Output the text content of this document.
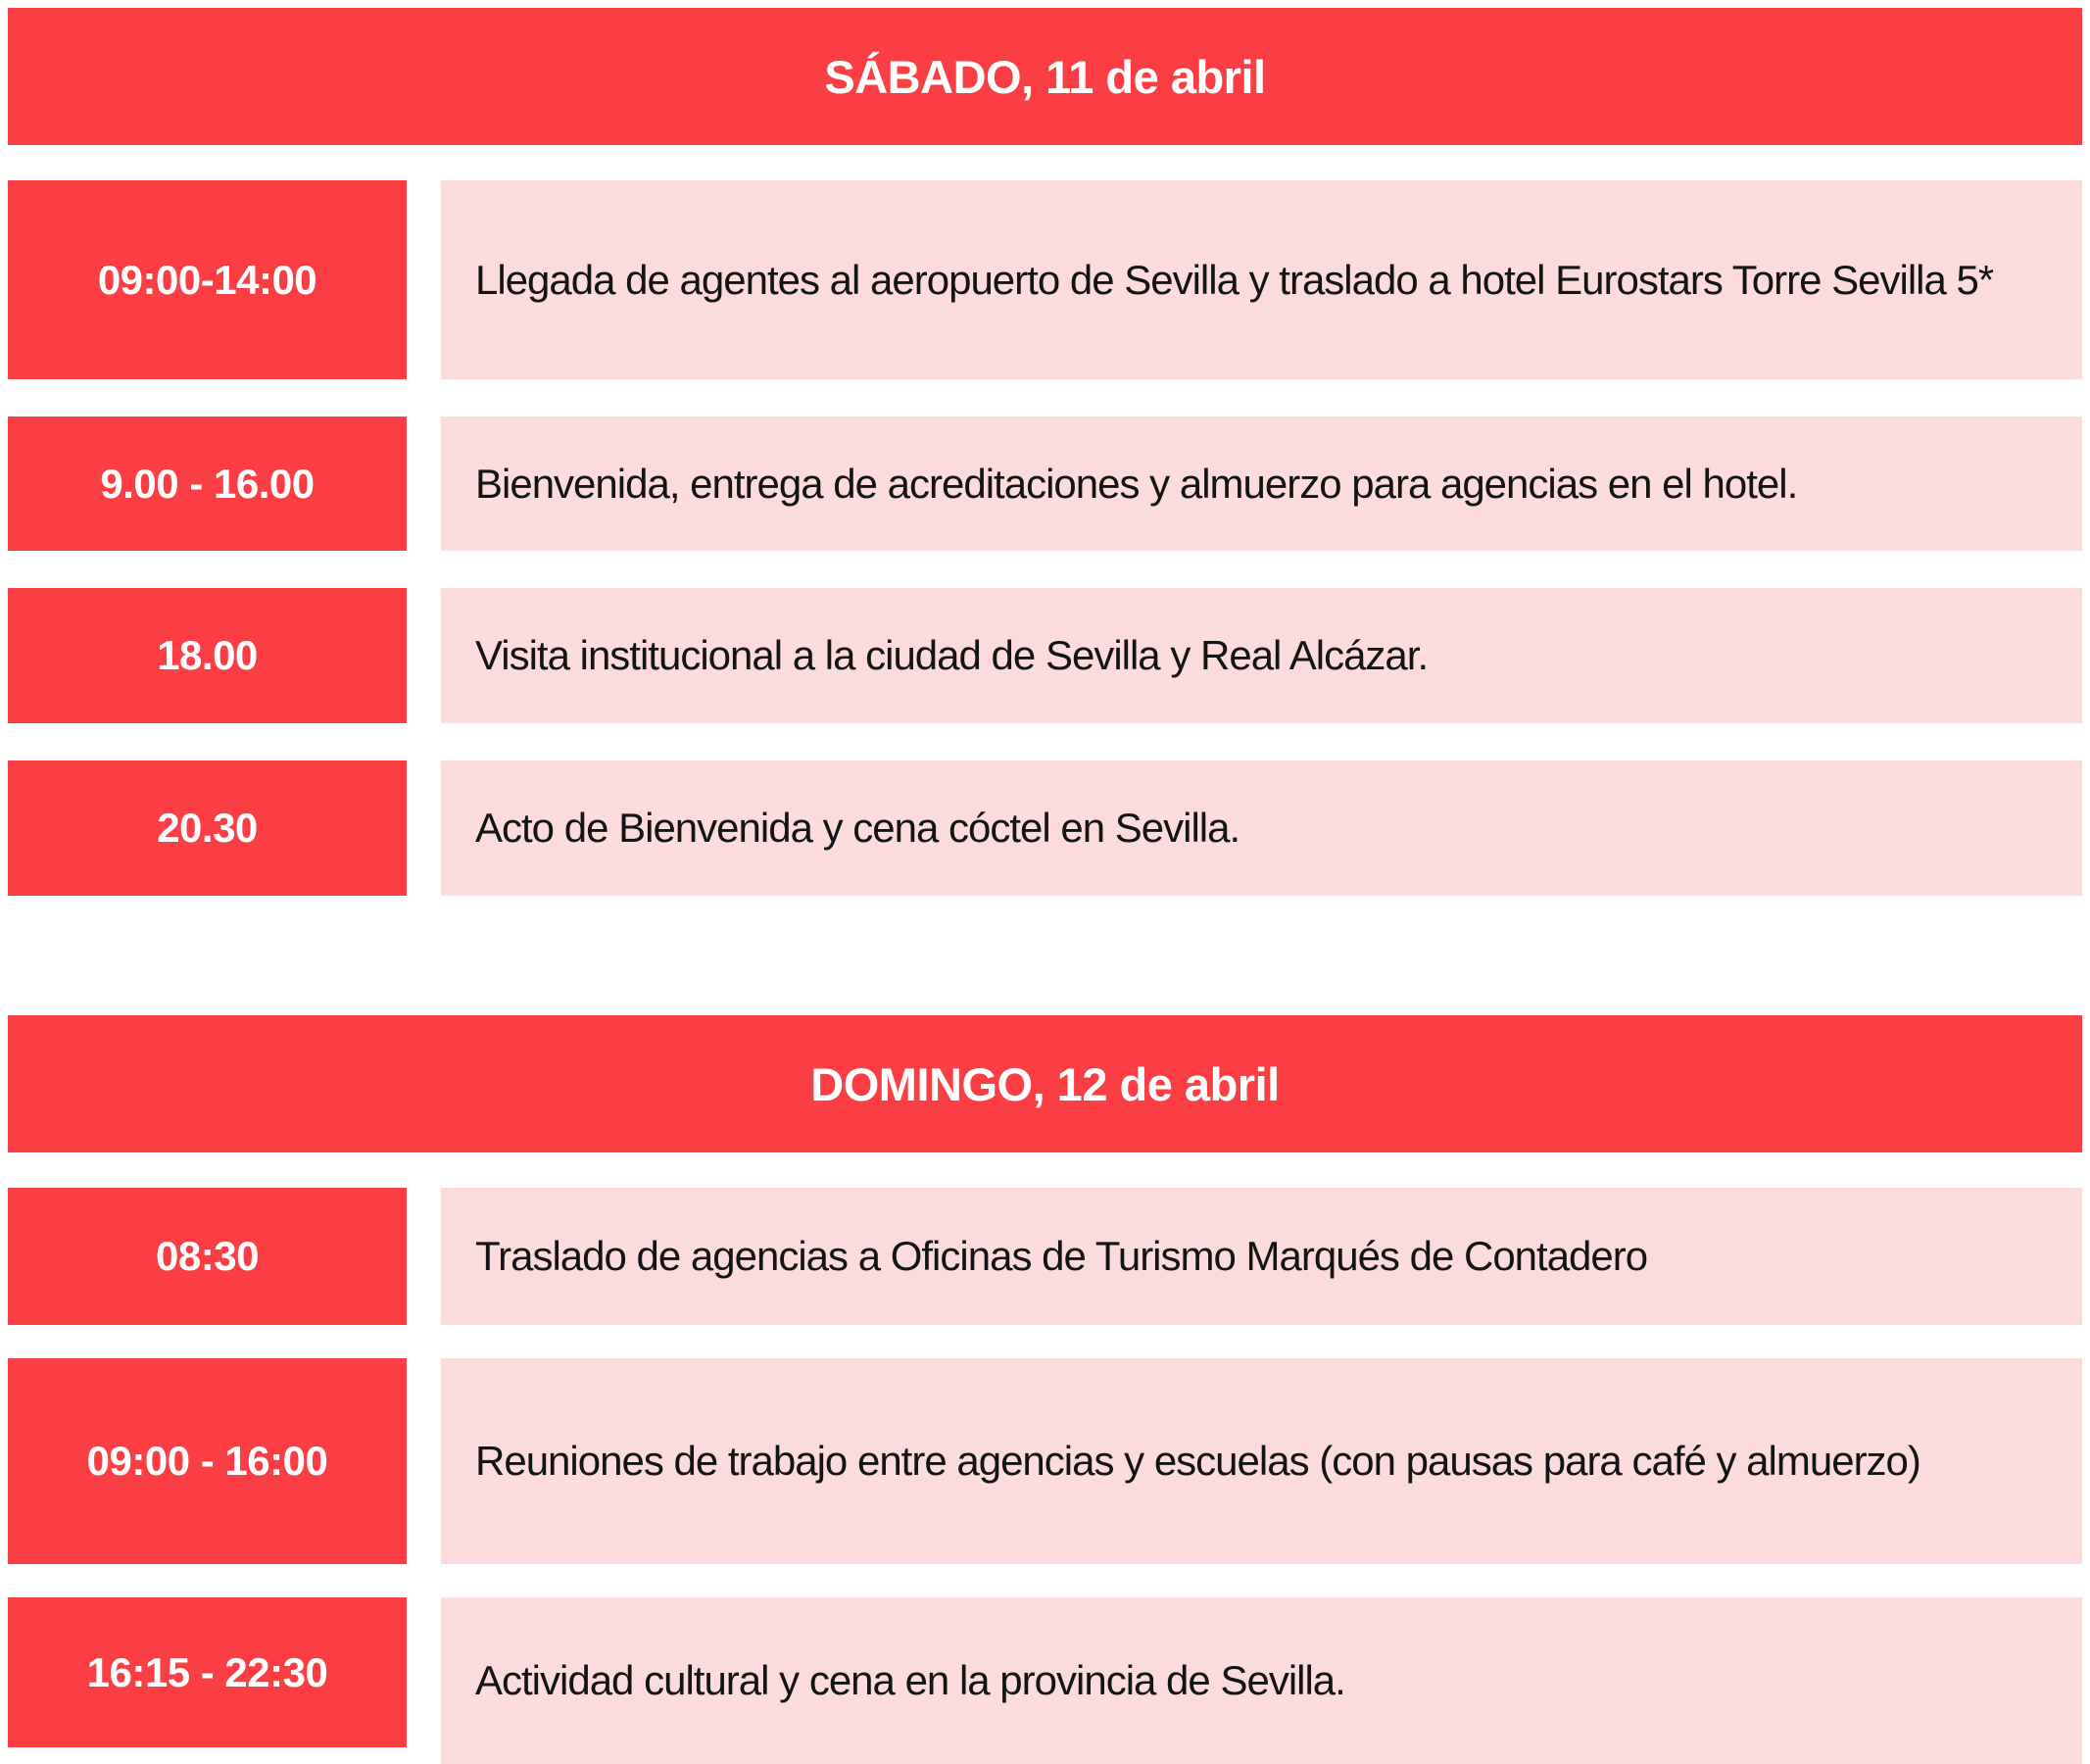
SÁBADO, 11 de abril
09:00-14:00	Llegada de agentes al aeropuerto de Sevilla y traslado a hotel Eurostars Torre Sevilla 5*
9.00 - 16.00	Bienvenida, entrega de acreditaciones y almuerzo para agencias en el hotel.
18.00	Visita institucional a la ciudad de Sevilla y Real Alcázar.
20.30	Acto de Bienvenida y cena cóctel en Sevilla.
DOMINGO, 12 de abril
08:30	Traslado de agencias a Oficinas de Turismo Marqués de Contadero
09:00 - 16:00	Reuniones de trabajo entre agencias y escuelas (con pausas para café y almuerzo)
16:15 - 22:30	Actividad cultural y cena en la provincia de Sevilla.
